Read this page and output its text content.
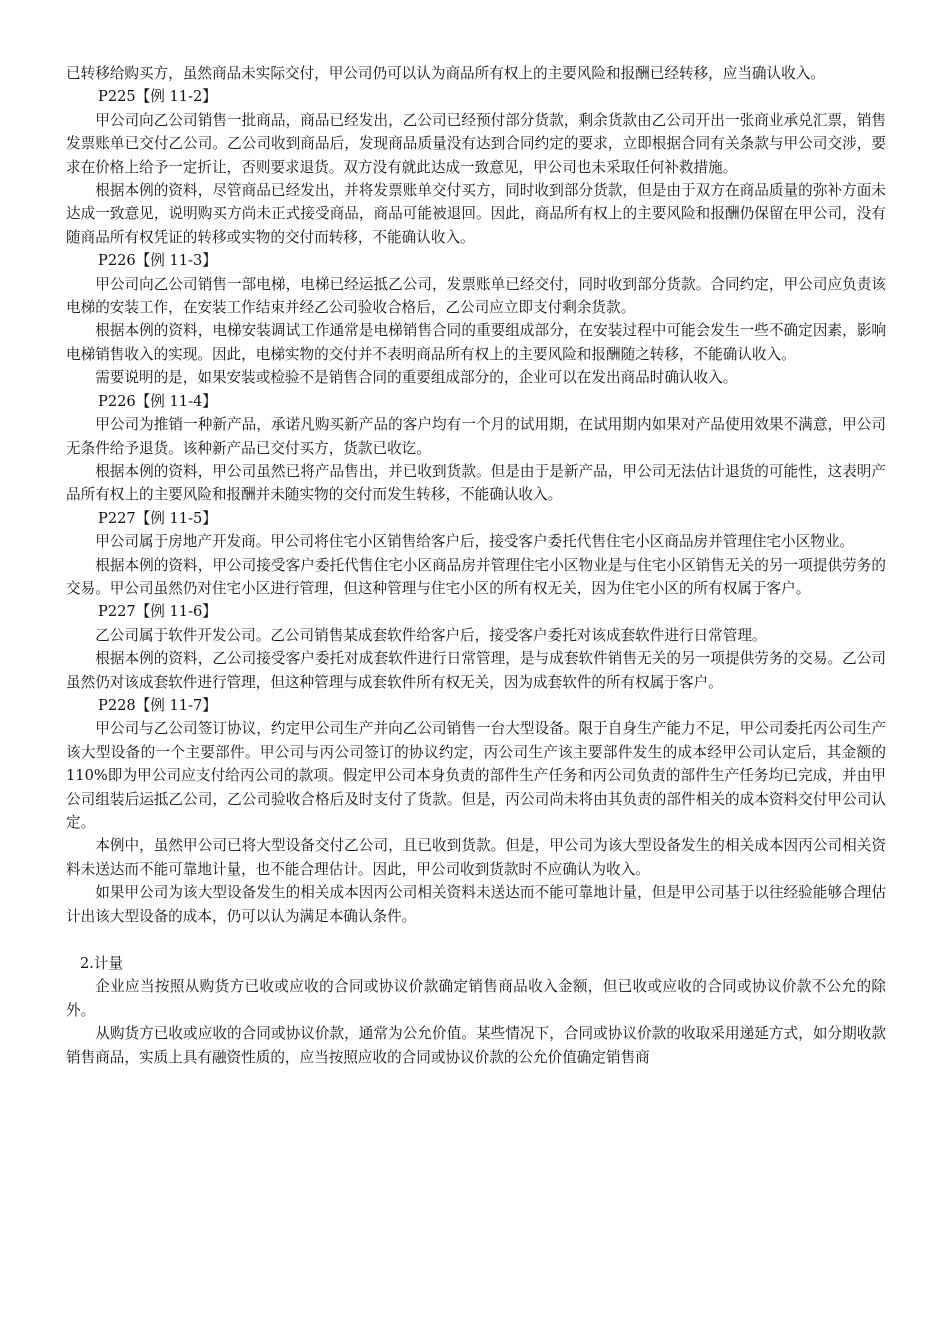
已转移给购买方，虽然商品未实际交付，甲公司仍可以认为商品所有权上的主要风险和报酬已经转移，应当确认收入。

P225【例 11-2】

甲公司向乙公司销售一批商品，商品已经发出，乙公司已经预付部分货款，剩余货款由乙公司开出一张商业承兑汇票，销售发票账单已交付乙公司。乙公司收到商品后，发现商品质量没有达到合同约定的要求，立即根据合同有关条款与甲公司交涉，要求在价格上给予一定折让，否则要求退货。双方没有就此达成一致意见，甲公司也未采取任何补救措施。

根据本例的资料，尽管商品已经发出，并将发票账单交付买方，同时收到部分货款，但是由于双方在商品质量的弥补方面未达成一致意见，说明购买方尚未正式接受商品，商品可能被退回。因此，商品所有权上的主要风险和报酬仍保留在甲公司，没有随商品所有权凭证的转移或实物的交付而转移，不能确认收入。

P226【例 11-3】

甲公司向乙公司销售一部电梯，电梯已经运抵乙公司，发票账单已经交付，同时收到部分货款。合同约定，甲公司应负责该电梯的安装工作，在安装工作结束并经乙公司验收合格后，乙公司应立即支付剩余货款。

根据本例的资料，电梯安装调试工作通常是电梯销售合同的重要组成部分，在安装过程中可能会发生一些不确定因素，影响电梯销售收入的实现。因此，电梯实物的交付并不表明商品所有权上的主要风险和报酬随之转移，不能确认收入。

需要说明的是，如果安装或检验不是销售合同的重要组成部分的，企业可以在发出商品时确认收入。

P226【例 11-4】

甲公司为推销一种新产品，承诺凡购买新产品的客户均有一个月的试用期，在试用期内如果对产品使用效果不满意，甲公司无条件给予退货。该种新产品已交付买方，货款已收讫。

根据本例的资料，甲公司虽然已将产品售出，并已收到货款。但是由于是新产品，甲公司无法估计退货的可能性，这表明产品所有权上的主要风险和报酬并未随实物的交付而发生转移，不能确认收入。

P227【例 11-5】

甲公司属于房地产开发商。甲公司将住宅小区销售给客户后，接受客户委托代售住宅小区商品房并管理住宅小区物业。

根据本例的资料，甲公司接受客户委托代售住宅小区商品房并管理住宅小区物业是与住宅小区销售无关的另一项提供劳务的交易。甲公司虽然仍对住宅小区进行管理，但这种管理与住宅小区的所有权无关，因为住宅小区的所有权属于客户。

P227【例 11-6】

乙公司属于软件开发公司。乙公司销售某成套软件给客户后，接受客户委托对该成套软件进行日常管理。

根据本例的资料，乙公司接受客户委托对成套软件进行日常管理，是与成套软件销售无关的另一项提供劳务的交易。乙公司虽然仍对该成套软件进行管理，但这种管理与成套软件所有权无关，因为成套软件的所有权属于客户。

P228【例 11-7】

甲公司与乙公司签订协议，约定甲公司生产并向乙公司销售一台大型设备。限于自身生产能力不足，甲公司委托丙公司生产该大型设备的一个主要部件。甲公司与丙公司签订的协议约定，丙公司生产该主要部件发生的成本经甲公司认定后，其金额的 110%即为甲公司应支付给丙公司的款项。假定甲公司本身负责的部件生产任务和丙公司负责的部件生产任务均已完成，并由甲公司组装后运抵乙公司，乙公司验收合格后及时支付了货款。但是，丙公司尚未将由其负责的部件相关的成本资料交付甲公司认定。

本例中，虽然甲公司已将大型设备交付乙公司，且已收到货款。但是，甲公司为该大型设备发生的相关成本因丙公司相关资料未送达而不能可靠地计量，也不能合理估计。因此，甲公司收到货款时不应确认为收入。

如果甲公司为该大型设备发生的相关成本因丙公司相关资料未送达而不能可靠地计量，但是甲公司基于以往经验能够合理估计出该大型设备的成本，仍可以认为满足本确认条件。

2.计量

企业应当按照从购货方已收或应收的合同或协议价款确定销售商品收入金额，但已收或应收的合同或协议价款不公允的除外。

从购货方已收或应收的合同或协议价款，通常为公允价值。某些情况下，合同或协议价款的收取采用递延方式，如分期收款销售商品，实质上具有融资性质的，应当按照应收的合同或协议价款的公允价值确定销售商
